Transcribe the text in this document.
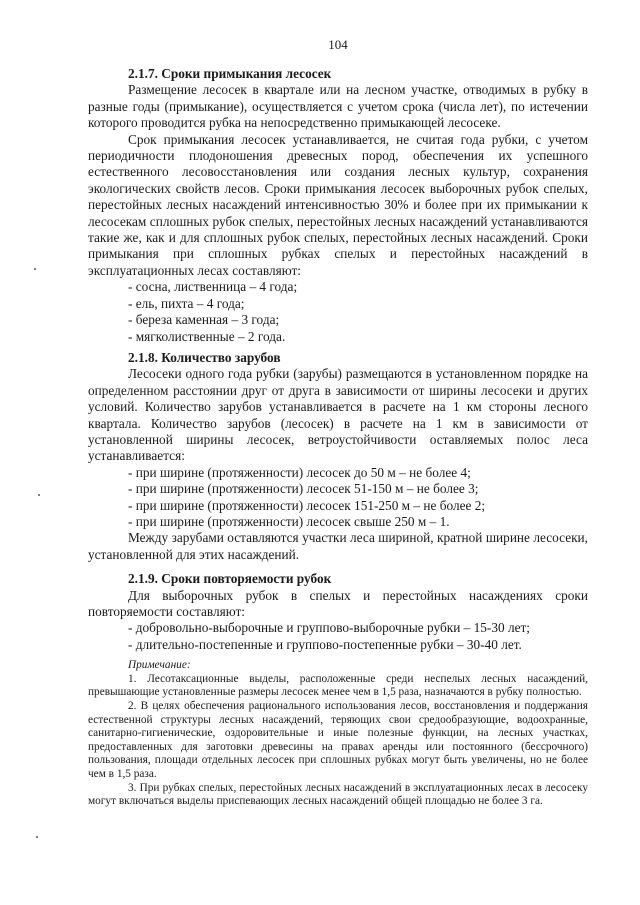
104

2.1.7. Сроки примыкания лесосек

Размещение лесосек в квартале или на лесном участке, отводимых в рубку в разные годы (примыкание), осуществляется с учетом срока (числа лет), по истечении которого проводится рубка на непосредственно примыкающей лесосеке.

Срок примыкания лесосек устанавливается, не считая года рубки, с учетом периодичности плодоношения древесных пород, обеспечения их успешного естественного лесовосстановления или создания лесных культур, сохранения экологических свойств лесов. Сроки примыкания лесосек выборочных рубок спелых, перестойных лесных насаждений интенсивностью 30% и более при их примыкании к лесосекам сплошных рубок спелых, перестойных лесных насаждений устанавливаются такие же, как и для сплошных рубок спелых, перестойных лесных насаждений. Сроки примыкания при сплошных рубках спелых и перестойных насаждений в эксплуатационных лесах составляют:

- сосна, лиственница – 4 года;
- ель, пихта – 4 года;
- береза каменная – 3 года;
- мягколиственные – 2 года.

2.1.8. Количество зарубов

Лесосеки одного года рубки (зарубы) размещаются в установленном порядке на определенном расстоянии друг от друга в зависимости от ширины лесосеки и других условий. Количество зарубов устанавливается в расчете на 1 км стороны лесного квартала. Количество зарубов (лесосек) в расчете на 1 км в зависимости от установленной ширины лесосек, ветроустойчивости оставляемых полос леса устанавливается:

- при ширине (протяженности) лесосек до 50 м – не более 4;
- при ширине (протяженности) лесосек 51-150 м – не более 3;
- при ширине (протяженности) лесосек 151-250 м – не более 2;
- при ширине (протяженности) лесосек свыше 250 м – 1.

Между зарубами оставляются участки леса шириной, кратной ширине лесосеки, установленной для этих насаждений.

2.1.9. Сроки повторяемости рубок

Для выборочных рубок в спелых и перестойных насаждениях сроки повторяемости составляют:

- добровольно-выборочные и группово-выборочные рубки – 15-30 лет;
- длительно-постепенные и группово-постепенные рубки – 30-40 лет.

Примечание:

1. Лесотаксационные выделы, расположенные среди неспелых лесных насаждений, превышающие установленные размеры лесосек менее чем в 1,5 раза, назначаются в рубку полностью.

2. В целях обеспечения рационального использования лесов, восстановления и поддержания естественной структуры лесных насаждений, теряющих свои средообразующие, водоохранные, санитарно-гигиенические, оздоровительные и иные полезные функции, на лесных участках, предоставленных для заготовки древесины на правах аренды или постоянного (бессрочного) пользования, площади отдельных лесосек при сплошных рубках могут быть увеличены, но не более чем в 1,5 раза.

3. При рубках спелых, перестойных лесных насаждений в эксплуатационных лесах в лесосеку могут включаться выделы приспевающих лесных насаждений общей площадью не более 3 га.
